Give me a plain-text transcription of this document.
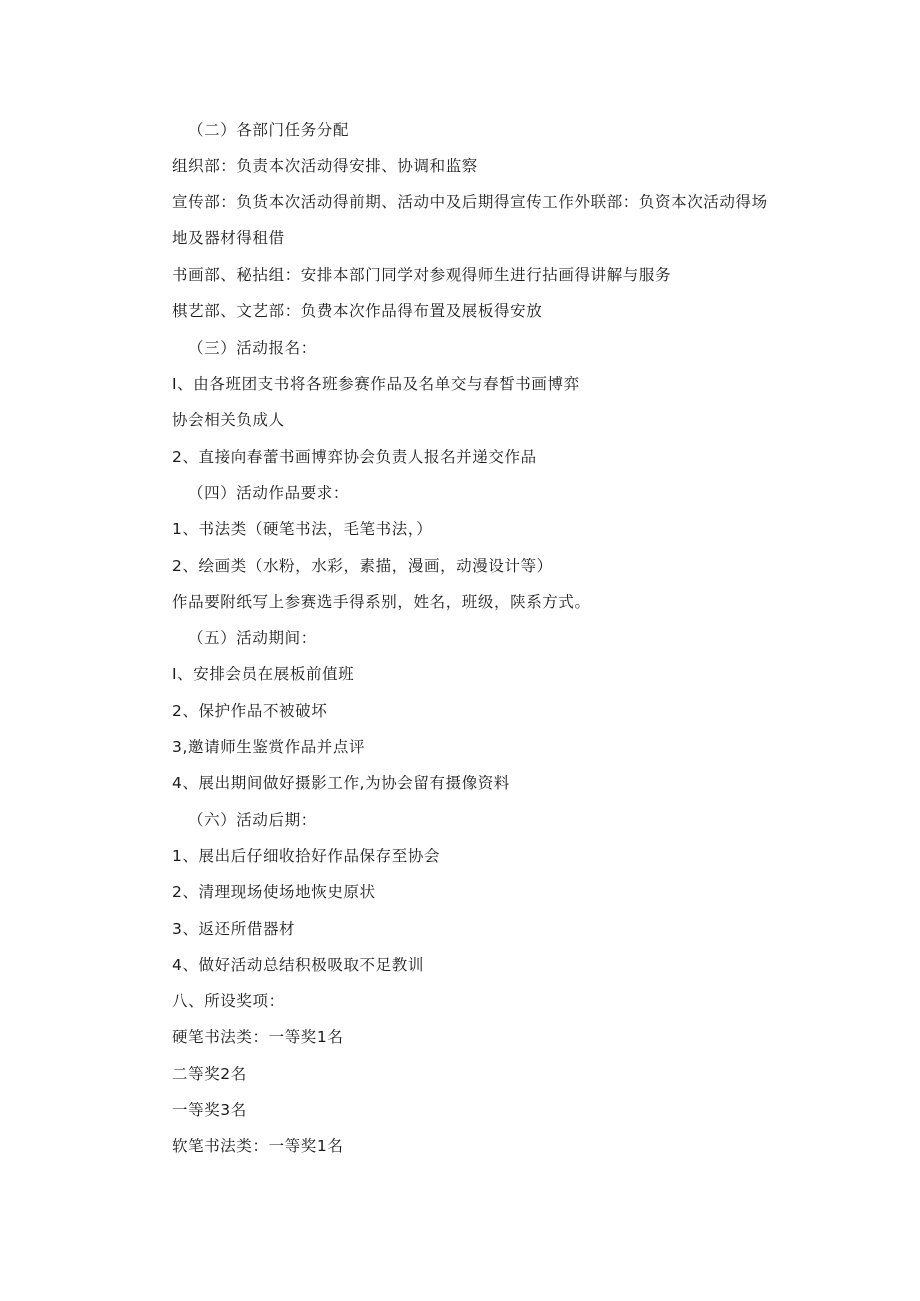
（二）各部门任务分配
组织部：负责本次活动得安排、协调和监察
宣传部：负货本次活动得前期、活动中及后期得宣传工作外联部：负资本次活动得场地及器材得租借
书画部、秘拈组：安排本部门同学对参观得师生进行拈画得讲解与服务
棋艺部、文艺部：负费本次作品得布置及展板得安放
（三）活动报名：
I、由各班团支书将各班参赛作品及名单交与春皙书画博弈
协会相关负成人
2、直接向春蕾书画博弈协会负责人报名并递交作品
（四）活动作品要求：
1、书法类（硬笔书法，毛笔书法，）
2、绘画类（水粉，水彩，素描，漫画，动漫设计等）
作品要附纸写上参赛选手得系别，姓名，班级，陕系方式。
（五）活动期间：
I、安排会员在展板前值班
2、保护作品不被破坏
3,邀请师生鉴赏作品并点评
4、展出期间做好摄影工作,为协会留有摄像资料
（六）活动后期：
1、展出后仔细收拾好作品保存至协会
2、清理现场使场地恢史原状
3、返还所借器材
4、做好活动总结积极吸取不足教训
八、所设奖项：
硬笔书法类：一等奖1名
二等奖2名
一等奖3名
软笔书法类：一等奖1名
